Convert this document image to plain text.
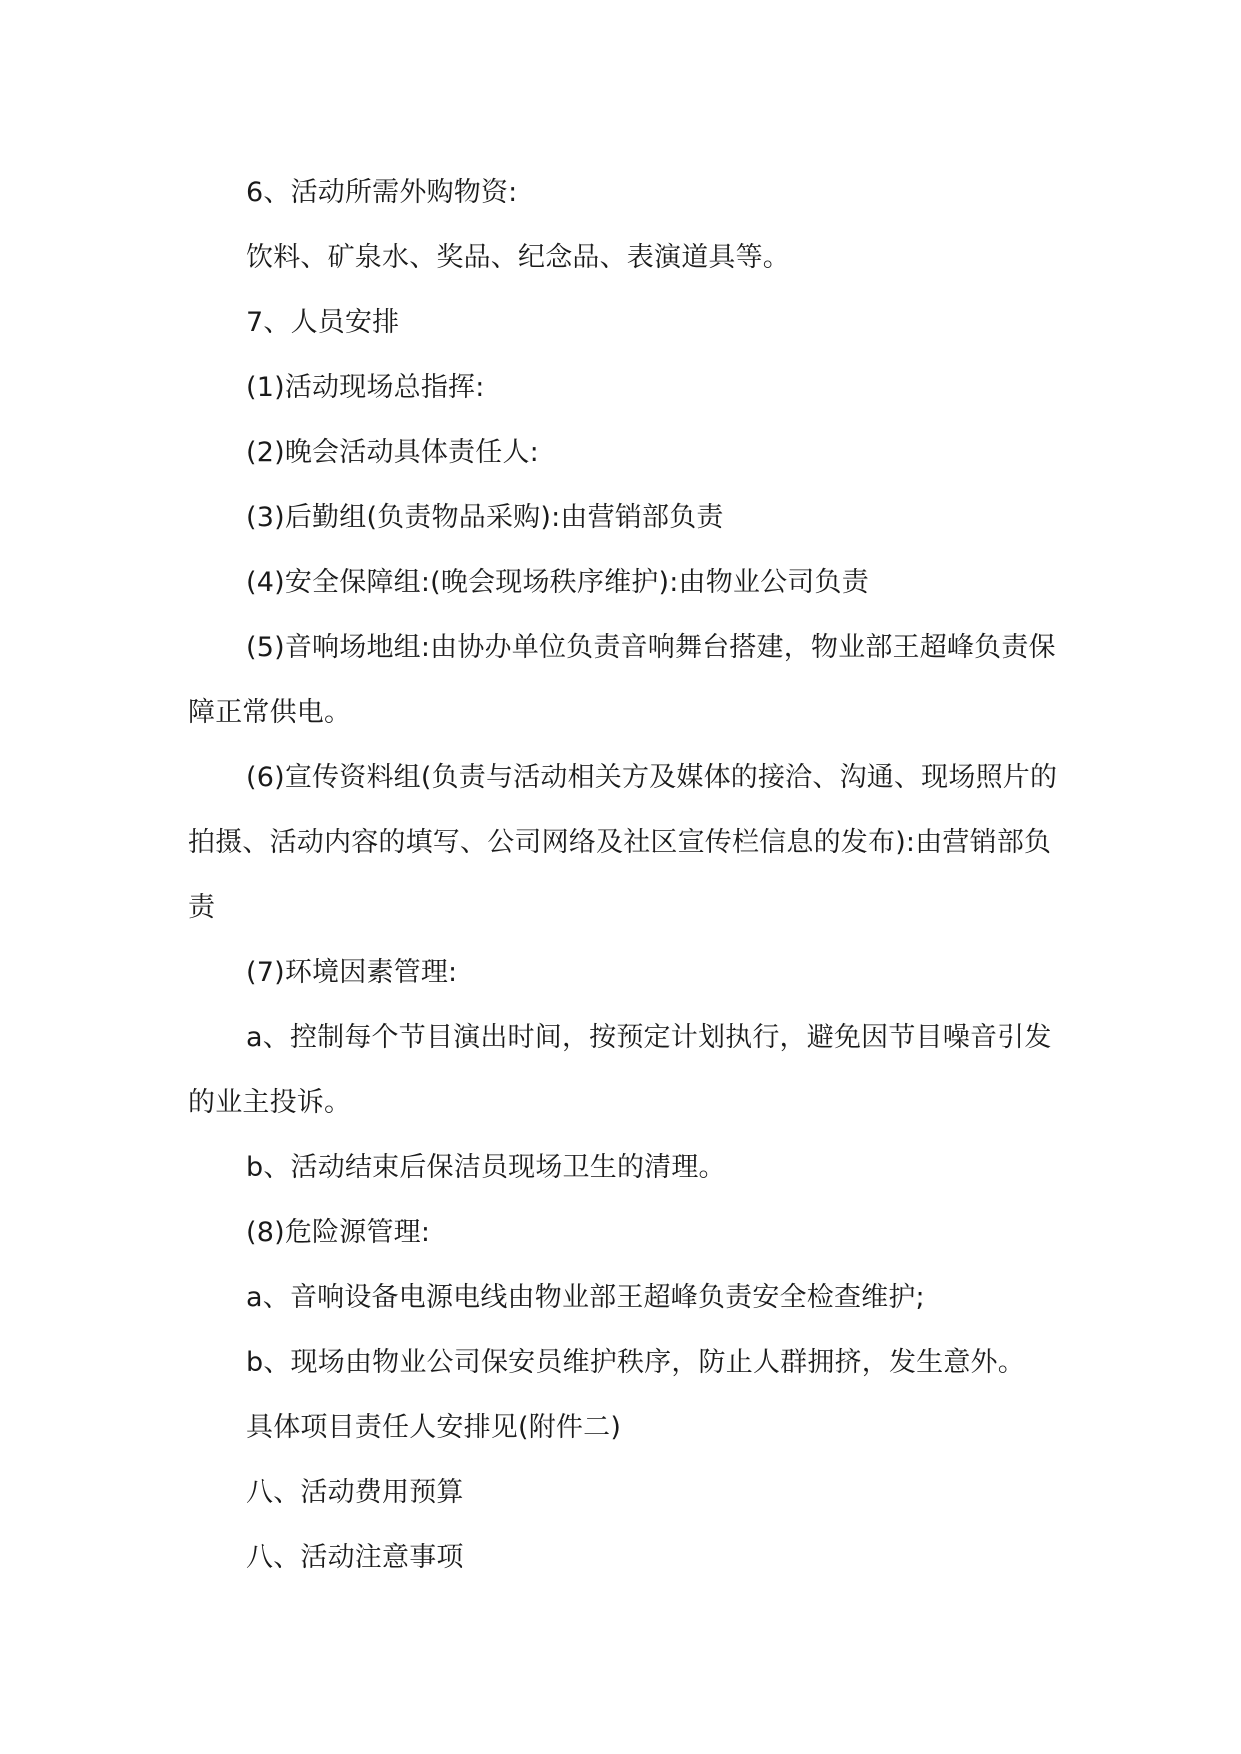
6、活动所需外购物资:

饮料、矿泉水、奖品、纪念品、表演道具等。

7、人员安排

(1)活动现场总指挥:

(2)晚会活动具体责任人:

(3)后勤组(负责物品采购):由营销部负责

(4)安全保障组:(晚会现场秩序维护):由物业公司负责

(5)音响场地组:由协办单位负责音响舞台搭建，物业部王超峰负责保障正常供电。

(6)宣传资料组(负责与活动相关方及媒体的接洽、沟通、现场照片的拍摄、活动内容的填写、公司网络及社区宣传栏信息的发布):由营销部负责

(7)环境因素管理:

a、控制每个节目演出时间，按预定计划执行，避免因节目噪音引发的业主投诉。

b、活动结束后保洁员现场卫生的清理。

(8)危险源管理:

a、音响设备电源电线由物业部王超峰负责安全检查维护;

b、现场由物业公司保安员维护秩序，防止人群拥挤，发生意外。

具体项目责任人安排见(附件二)

八、活动费用预算

八、活动注意事项
